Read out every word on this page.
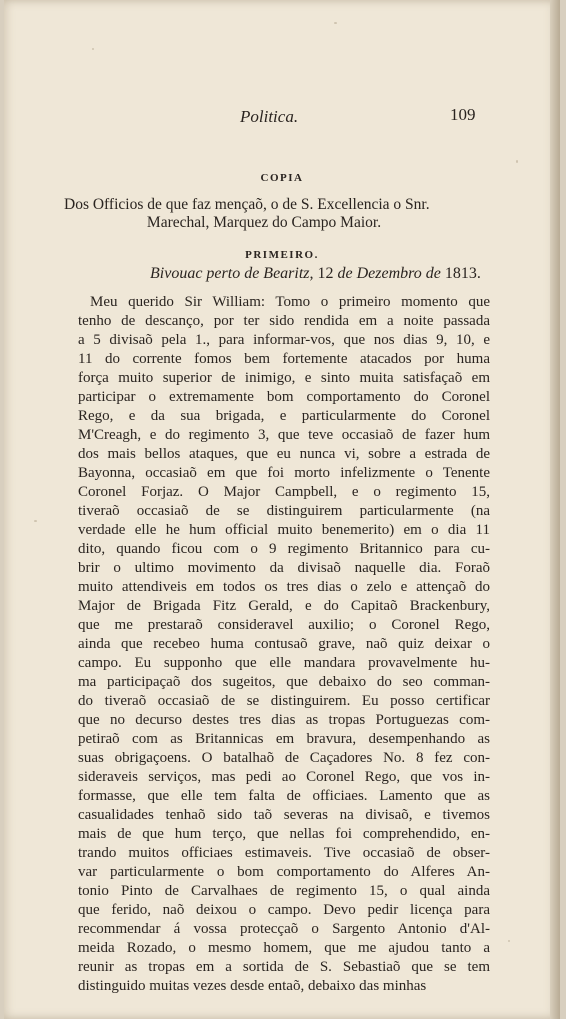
Politica.	109
COPIA
Dos Officios de que faz mençaõ, o de S. Excellencia o Snr.
Marechal, Marquez do Campo Maior.
PRIMEIRO.
Bivouac perto de Bearitz, 12 de Dezembro de 1813.
Meu querido Sir William: Tomo o primeiro momento que
tenho de descanço, por ter sido rendida em a noite passada
a 5 divisaõ pela 1., para informar-vos, que nos dias 9, 10, e
11 do corrente fomos bem fortemente atacados por huma
força muito superior de inimigo, e sinto muita satisfaçaõ em
participar o extremamente bom comportamento do Coronel
Rego, e da sua brigada, e particularmente do Coronel
M'Creagh, e do regimento 3, que teve occasiaõ de fazer hum
dos mais bellos ataques, que eu nunca vi, sobre a estrada de
Bayonna, occasiaõ em que foi morto infelizmente o Tenente
Coronel Forjaz. O Major Campbell, e o regimento 15,
tiveraõ occasiaõ de se distinguirem particularmente (na
verdade elle he hum official muito benemerito) em o dia 11
dito, quando ficou com o 9 regimento Britannico para cu-
brir o ultimo movimento da divisaõ naquelle dia. Foraõ
muito attendiveis em todos os tres dias o zelo e attençaõ do
Major de Brigada Fitz Gerald, e do Capitaõ Brackenbury,
que me prestaraõ consideravel auxilio; o Coronel Rego,
ainda que recebeo huma contusaõ grave, naõ quiz deixar o
campo. Eu supponho que elle mandara provavelmente hu-
ma participaçaõ dos sugeitos, que debaixo do seo comman-
do tiveraõ occasiaõ de se distinguirem. Eu posso certificar
que no decurso destes tres dias as tropas Portuguezas com-
petiraõ com as Britannicas em bravura, desempenhando as
suas obrigaçoens. O batalhaõ de Caçadores No. 8 fez con-
sideraveis serviços, mas pedi ao Coronel Rego, que vos in-
formasse, que elle tem falta de officiaes. Lamento que as
casualidades tenhaõ sido taõ severas na divisaõ, e tivemos
mais de que hum terço, que nellas foi comprehendido, en-
trando muitos officiaes estimaveis. Tive occasiaõ de obser-
var particularmente o bom comportamento do Alferes An-
tonio Pinto de Carvalhaes de regimento 15, o qual ainda
que ferido, naõ deixou o campo. Devo pedir licença para
recommendar á vossa protecçaõ o Sargento Antonio d'Al-
meida Rozado, o mesmo homem, que me ajudou tanto a
reunir as tropas em a sortida de S. Sebastiaõ que se tem
distinguido muitas vezes desde entaõ, debaixo das minhas
